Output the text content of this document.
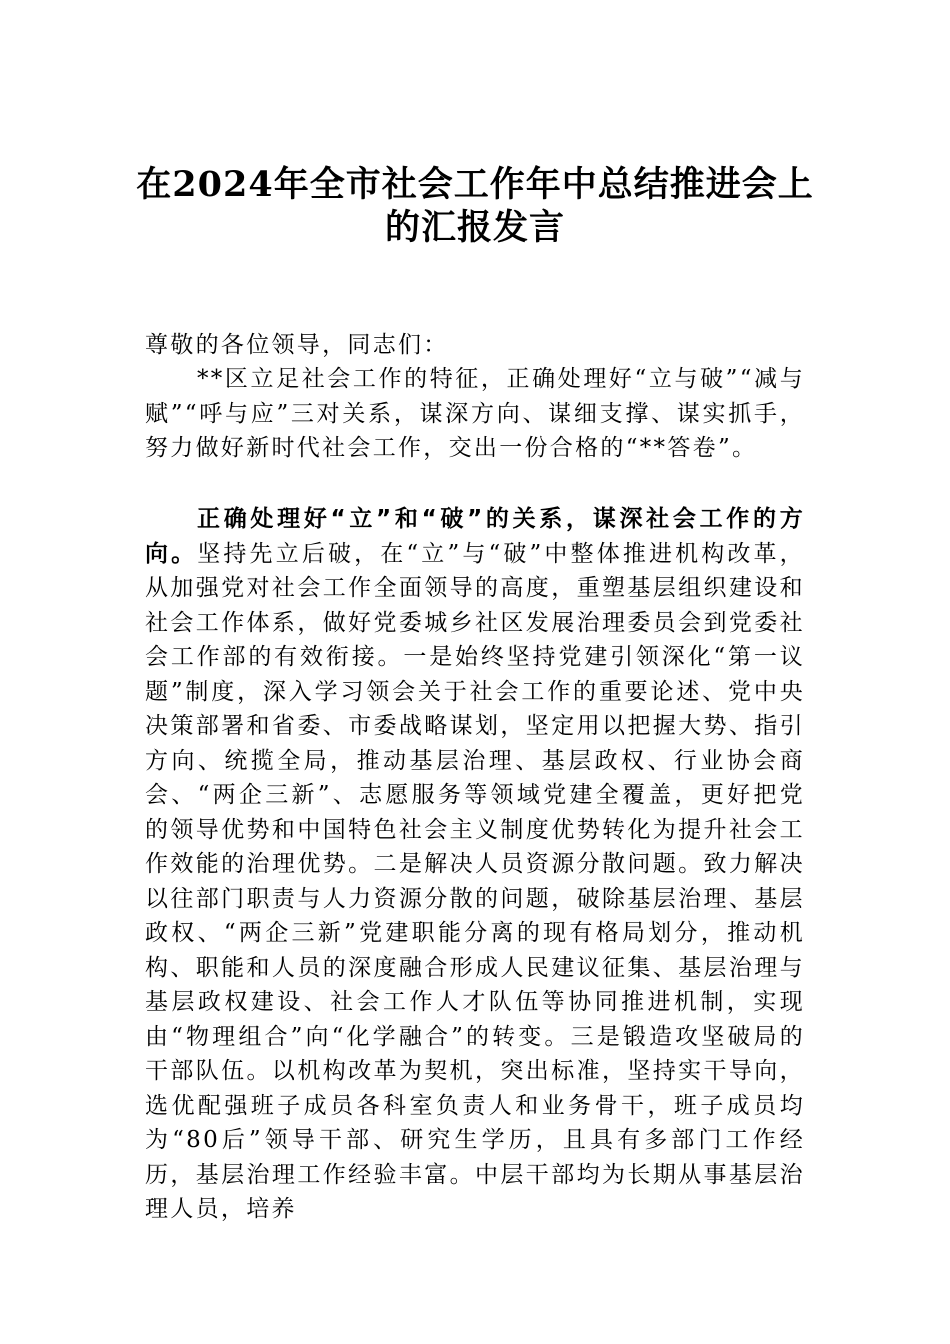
在2024年全市社会工作年中总结推进会上
的汇报发言
尊敬的各位领导，同志们：
**区立足社会工作的特征，正确处理好“立与破”“减与赋”“呼与应”三对关系，谋深方向、谋细支撑、谋实抓手，努力做好新时代社会工作，交出一份合格的“**答卷”。
正确处理好“立”和“破”的关系，谋深社会工作的方向。坚持先立后破，在“立”与“破”中整体推进机构改革，从加强党对社会工作全面领导的高度，重塑基层组织建设和社会工作体系，做好党委城乡社区发展治理委员会到党委社会工作部的有效衔接。一是始终坚持党建引领深化“第一议题”制度，深入学习领会关于社会工作的重要论述、党中央决策部署和省委、市委战略谋划，坚定用以把握大势、指引方向、统揽全局，推动基层治理、基层政权、行业协会商会、“两企三新”、志愿服务等领域党建全覆盖，更好把党的领导优势和中国特色社会主义制度优势转化为提升社会工作效能的治理优势。二是解决人员资源分散问题。致力解决以往部门职责与人力资源分散的问题，破除基层治理、基层政权、“两企三新”党建职能分离的现有格局划分，推动机构、职能和人员的深度融合形成人民建议征集、基层治理与基层政权建设、社会工作人才队伍等协同推进机制，实现由“物理组合”向“化学融合”的转变。三是锻造攻坚破局的干部队伍。以机构改革为契机，突出标准，坚持实干导向，选优配强班子成员各科室负责人和业务骨干，班子成员均为“80后”领导干部、研究生学历，且具有多部门工作经历，基层治理工作经验丰富。中层干部均为长期从事基层治理人员，培养
